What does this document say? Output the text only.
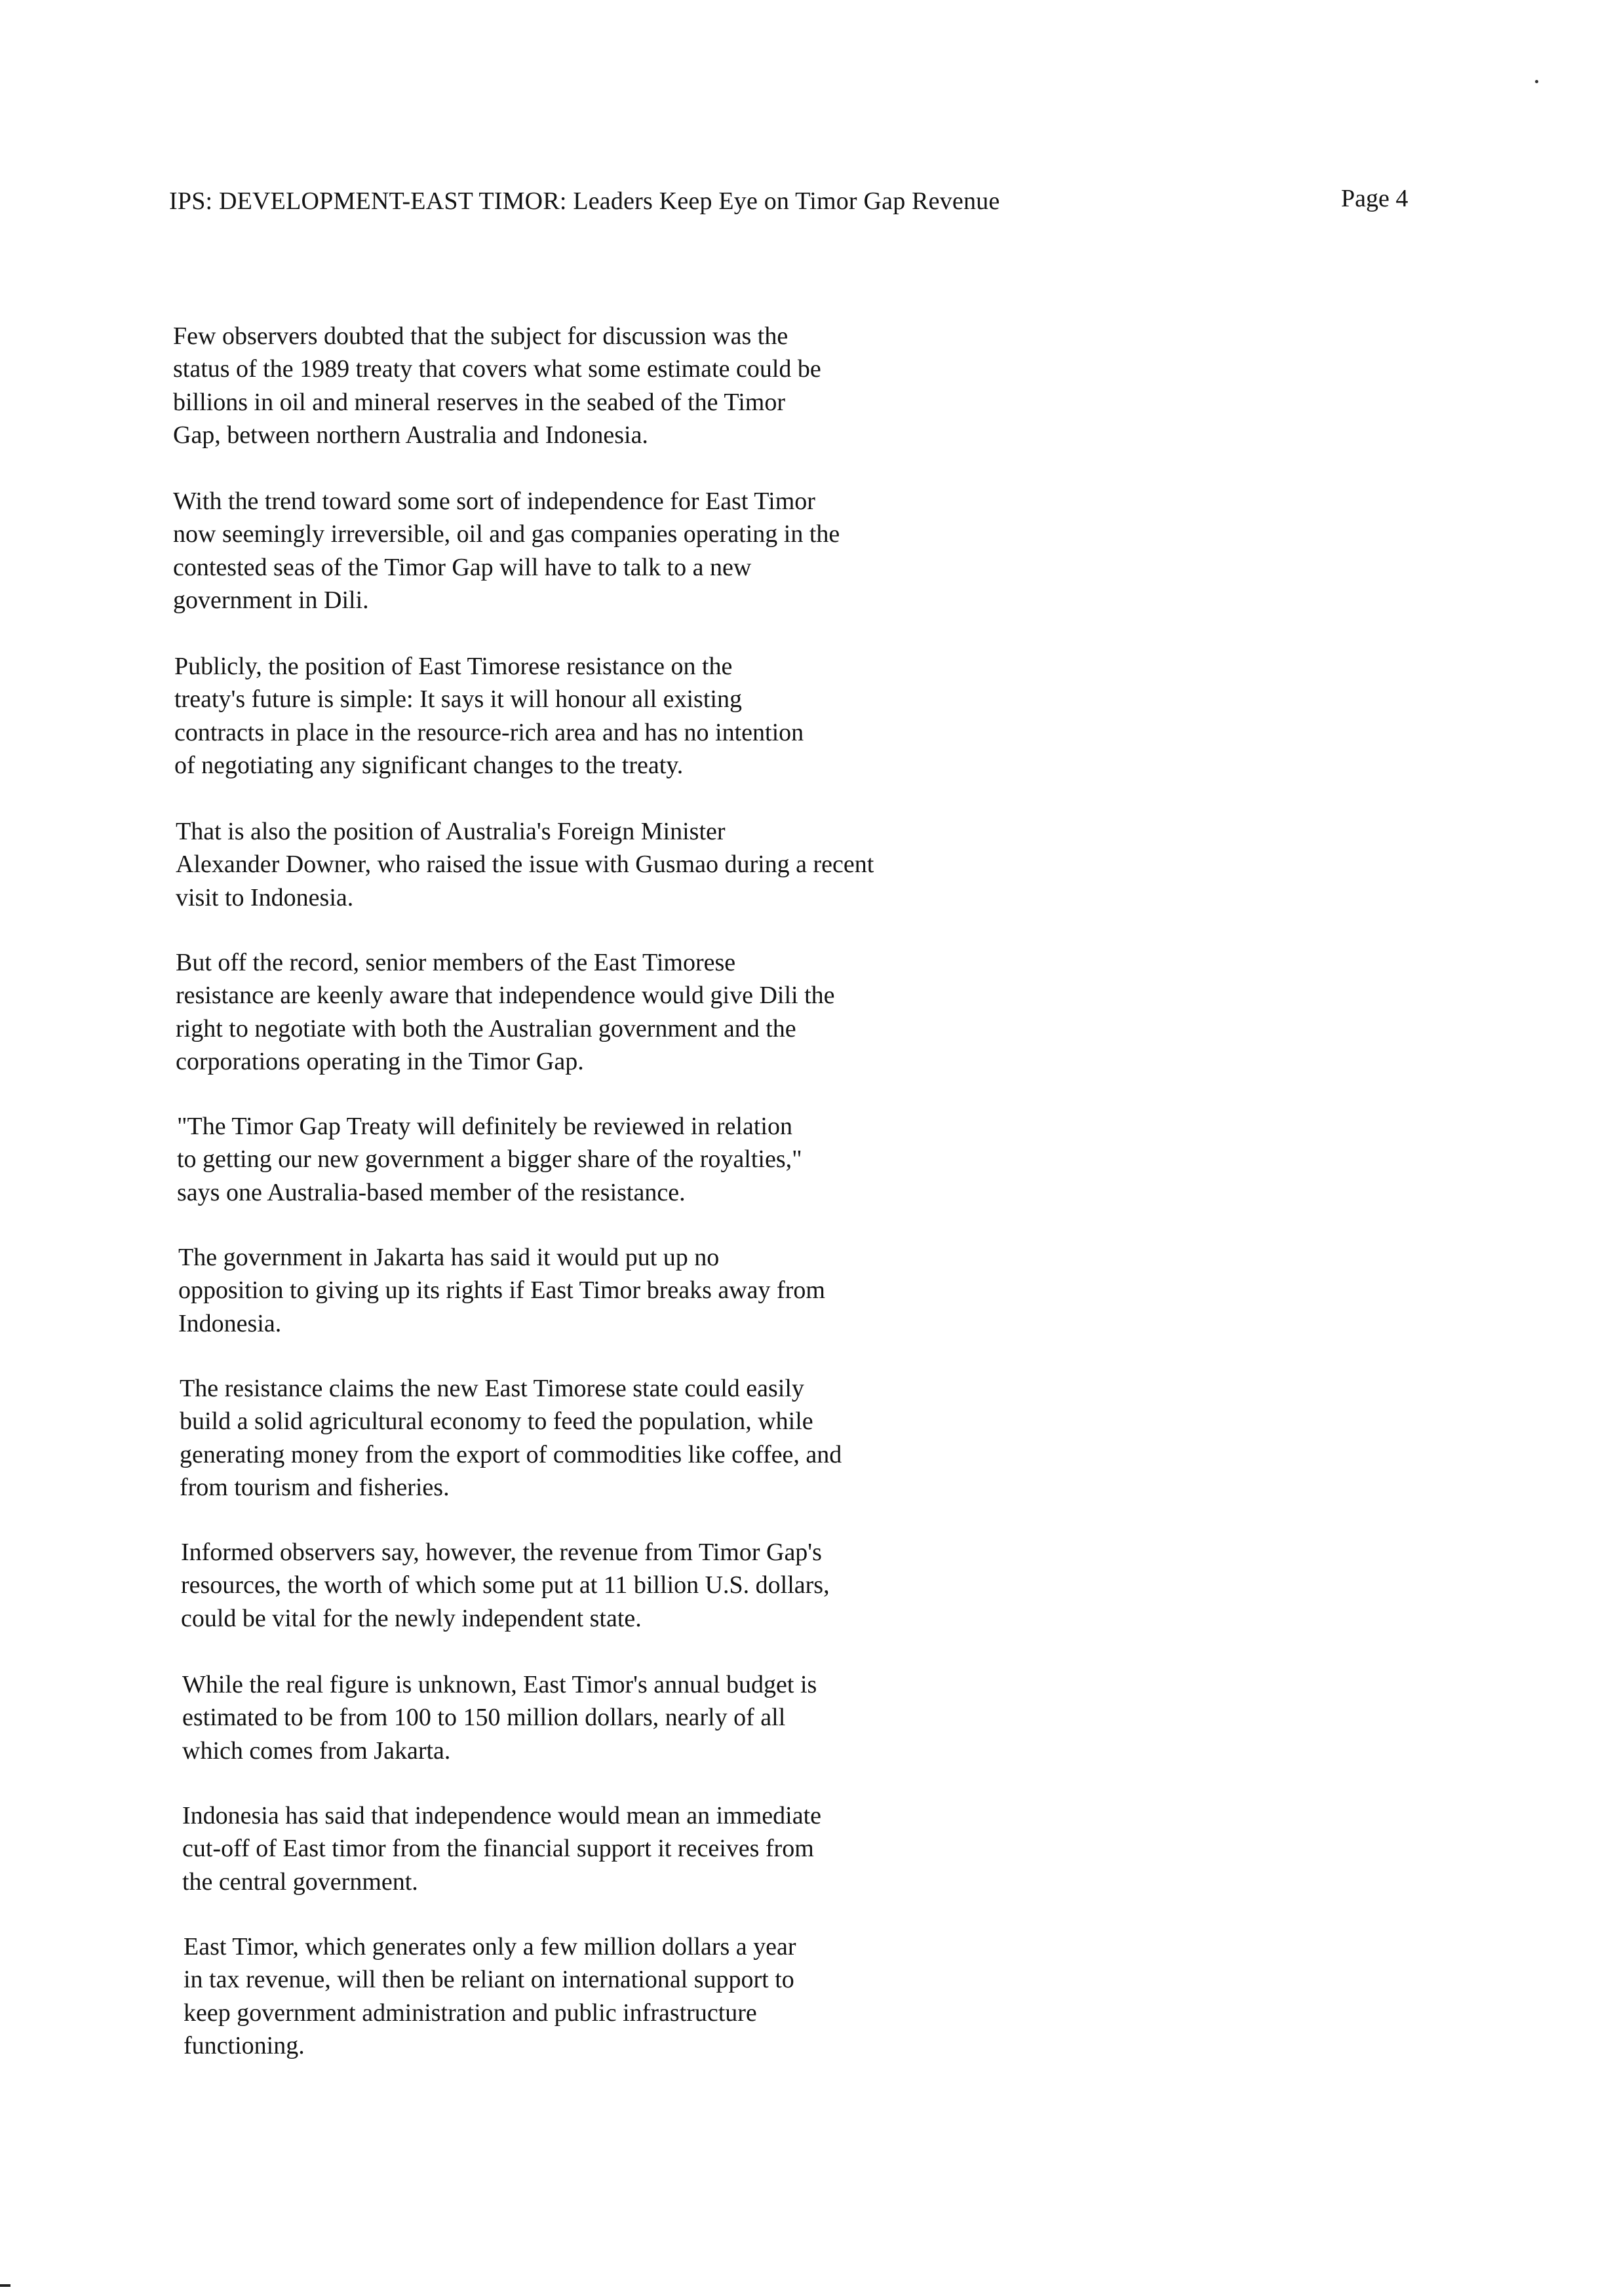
IPS: DEVELOPMENT-EAST TIMOR: Leaders Keep Eye on Timor Gap Revenue	Page 4

Few observers doubted that the subject for discussion was the
status of the 1989 treaty that covers what some estimate could be
billions in oil and mineral reserves in the seabed of the Timor
Gap, between northern Australia and Indonesia.

With the trend toward some sort of independence for East Timor
now seemingly irreversible, oil and gas companies operating in the
contested seas of the Timor Gap will have to talk to a new
government in Dili.

Publicly, the position of East Timorese resistance on the
treaty's future is simple: It says it will honour all existing
contracts in place in the resource-rich area and has no intention
of negotiating any significant changes to the treaty.

That is also the position of Australia's Foreign Minister
Alexander Downer, who raised the issue with Gusmao during a recent
visit to Indonesia.

But off the record, senior members of the East Timorese
resistance are keenly aware that independence would give Dili the
right to negotiate with both the Australian government and the
corporations operating in the Timor Gap.

"The Timor Gap Treaty will definitely be reviewed in relation
to getting our new government a bigger share of the royalties,"
says one Australia-based member of the resistance.

The government in Jakarta has said it would put up no
opposition to giving up its rights if East Timor breaks away from
Indonesia.

The resistance claims the new East Timorese state could easily
build a solid agricultural economy to feed the population, while
generating money from the export of commodities like coffee, and
from tourism and fisheries.

Informed observers say, however, the revenue from Timor Gap's
resources, the worth of which some put at 11 billion U.S. dollars,
could be vital for the newly independent state.

While the real figure is unknown, East Timor's annual budget is
estimated to be from 100 to 150 million dollars, nearly of all
which comes from Jakarta.

Indonesia has said that independence would mean an immediate
cut-off of East timor from the financial support it receives from
the central government.

East Timor, which generates only a few million dollars a year
in tax revenue, will then be reliant on international support to
keep government administration and public infrastructure
functioning.
